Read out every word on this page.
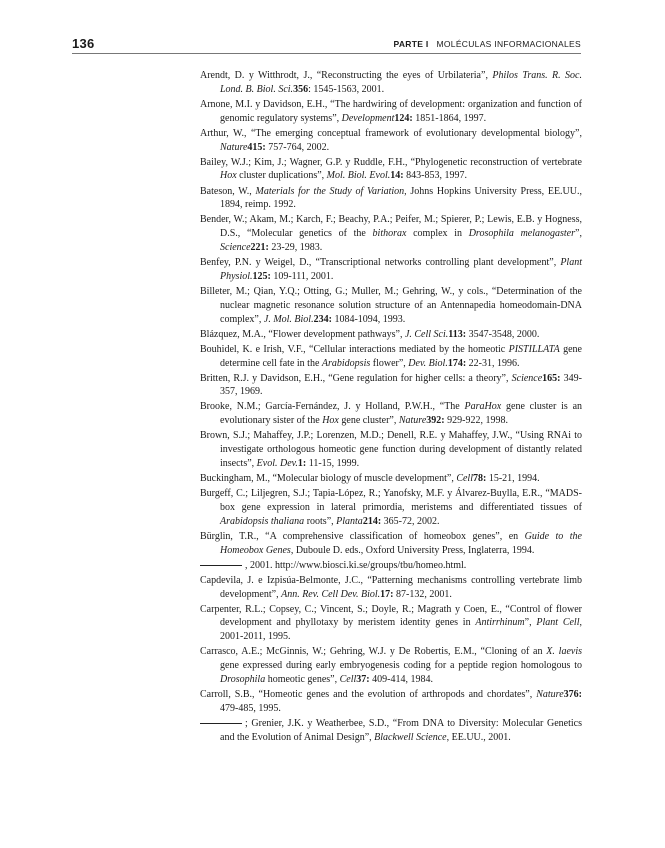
136	PARTE I MOLÉCULAS INFORMACIONALES

Arendt, D. y Witthrodt, J., “Reconstructing the eyes of Urbilateria”, Philos Trans. R. Soc. Lond. B. Biol. Sci.356: 1545-1563, 2001.

Arnone, M.I. y Davidson, E.H., “The hardwiring of development: organization and function of genomic regulatory systems”, Development124: 1851-1864, 1997.

Arthur, W., “The emerging conceptual framework of evolutionary developmental biology”, Nature415: 757-764, 2002.

Bailey, W.J.; Kim, J.; Wagner, G.P. y Ruddle, F.H., “Phylogenetic reconstruction of vertebrate Hox cluster duplications”, Mol. Biol. Evol.14: 843-853, 1997.

Bateson, W., Materials for the Study of Variation, Johns Hopkins University Press, EE.UU., 1894, reimp. 1992.

Bender, W.; Akam, M.; Karch, F.; Beachy, P.A.; Peifer, M.; Spierer, P.; Lewis, E.B. y Hogness, D.S., “Molecular genetics of the bithorax complex in Drosophila melanogaster”, Science221: 23-29, 1983.

Benfey, P.N. y Weigel, D., “Transcriptional networks controlling plant development”, Plant Physiol.125: 109-111, 2001.

Billeter, M.; Qian, Y.Q.; Otting, G.; Muller, M.; Gehring, W., y cols., “Determination of the nuclear magnetic resonance solution structure of an Antennapedia homeodomain-DNA complex”, J. Mol. Biol.234: 1084-1094, 1993.

Blázquez, M.A., “Flower development pathways”, J. Cell Sci.113: 3547-3548, 2000.

Bouhidel, K. e Irish, V.F., “Cellular interactions mediated by the homeotic PISTILLATA gene determine cell fate in the Arabidopsis flower”, Dev. Biol.174: 22-31, 1996.

Britten, R.J. y Davidson, E.H., “Gene regulation for higher cells: a theory”, Science165: 349-357, 1969.

Brooke, N.M.; García-Fernández, J. y Holland, P.W.H., “The ParaHox gene cluster is an evolutionary sister of the Hox gene cluster”, Nature392: 929-922, 1998.

Brown, S.J.; Mahaffey, J.P.; Lorenzen, M.D.; Denell, R.E. y Mahaffey, J.W., “Using RNAi to investigate orthologous homeotic gene function during development of distantly related insects”, Evol. Dev.1: 11-15, 1999.

Buckingham, M., “Molecular biology of muscle development”, Cell78: 15-21, 1994.

Burgeff, C.; Liljegren, S.J.; Tapia-López, R.; Yanofsky, M.F. y Álvarez-Buylla, E.R., “MADS-box gene expression in lateral primordia, meristems and differentiated tissues of Arabidopsis thaliana roots”, Planta214: 365-72, 2002.

Bürglin, T.R., “A comprehensive classification of homeobox genes”, en Guide to the Homeobox Genes, Duboule D. eds., Oxford University Press, Inglaterra, 1994.

, 2001. http://www.biosci.ki.se/groups/tbu/homeo.html.

Capdevila, J. e Izpisúa-Belmonte, J.C., “Patterning mechanisms controlling vertebrate limb development”, Ann. Rev. Cell Dev. Biol.17: 87-132, 2001.

Carpenter, R.L.; Copsey, C.; Vincent, S.; Doyle, R.; Magrath y Coen, E., “Control of flower development and phyllotaxy by meristem identity genes in Antirrhinum”, Plant Cell, 2001-2011, 1995.

Carrasco, A.E.; McGinnis, W.; Gehring, W.J. y De Robertis, E.M., “Cloning of an X. laevis gene expressed during early embryogenesis coding for a peptide region homologous to Drosophila homeotic genes”, Cell37: 409-414, 1984.

Carroll, S.B., “Homeotic genes and the evolution of arthropods and chordates”, Nature376: 479-485, 1995.

; Grenier, J.K. y Weatherbee, S.D., “From DNA to Diversity: Molecular Genetics and the Evolution of Animal Design”, Blackwell Science, EE.UU., 2001.
